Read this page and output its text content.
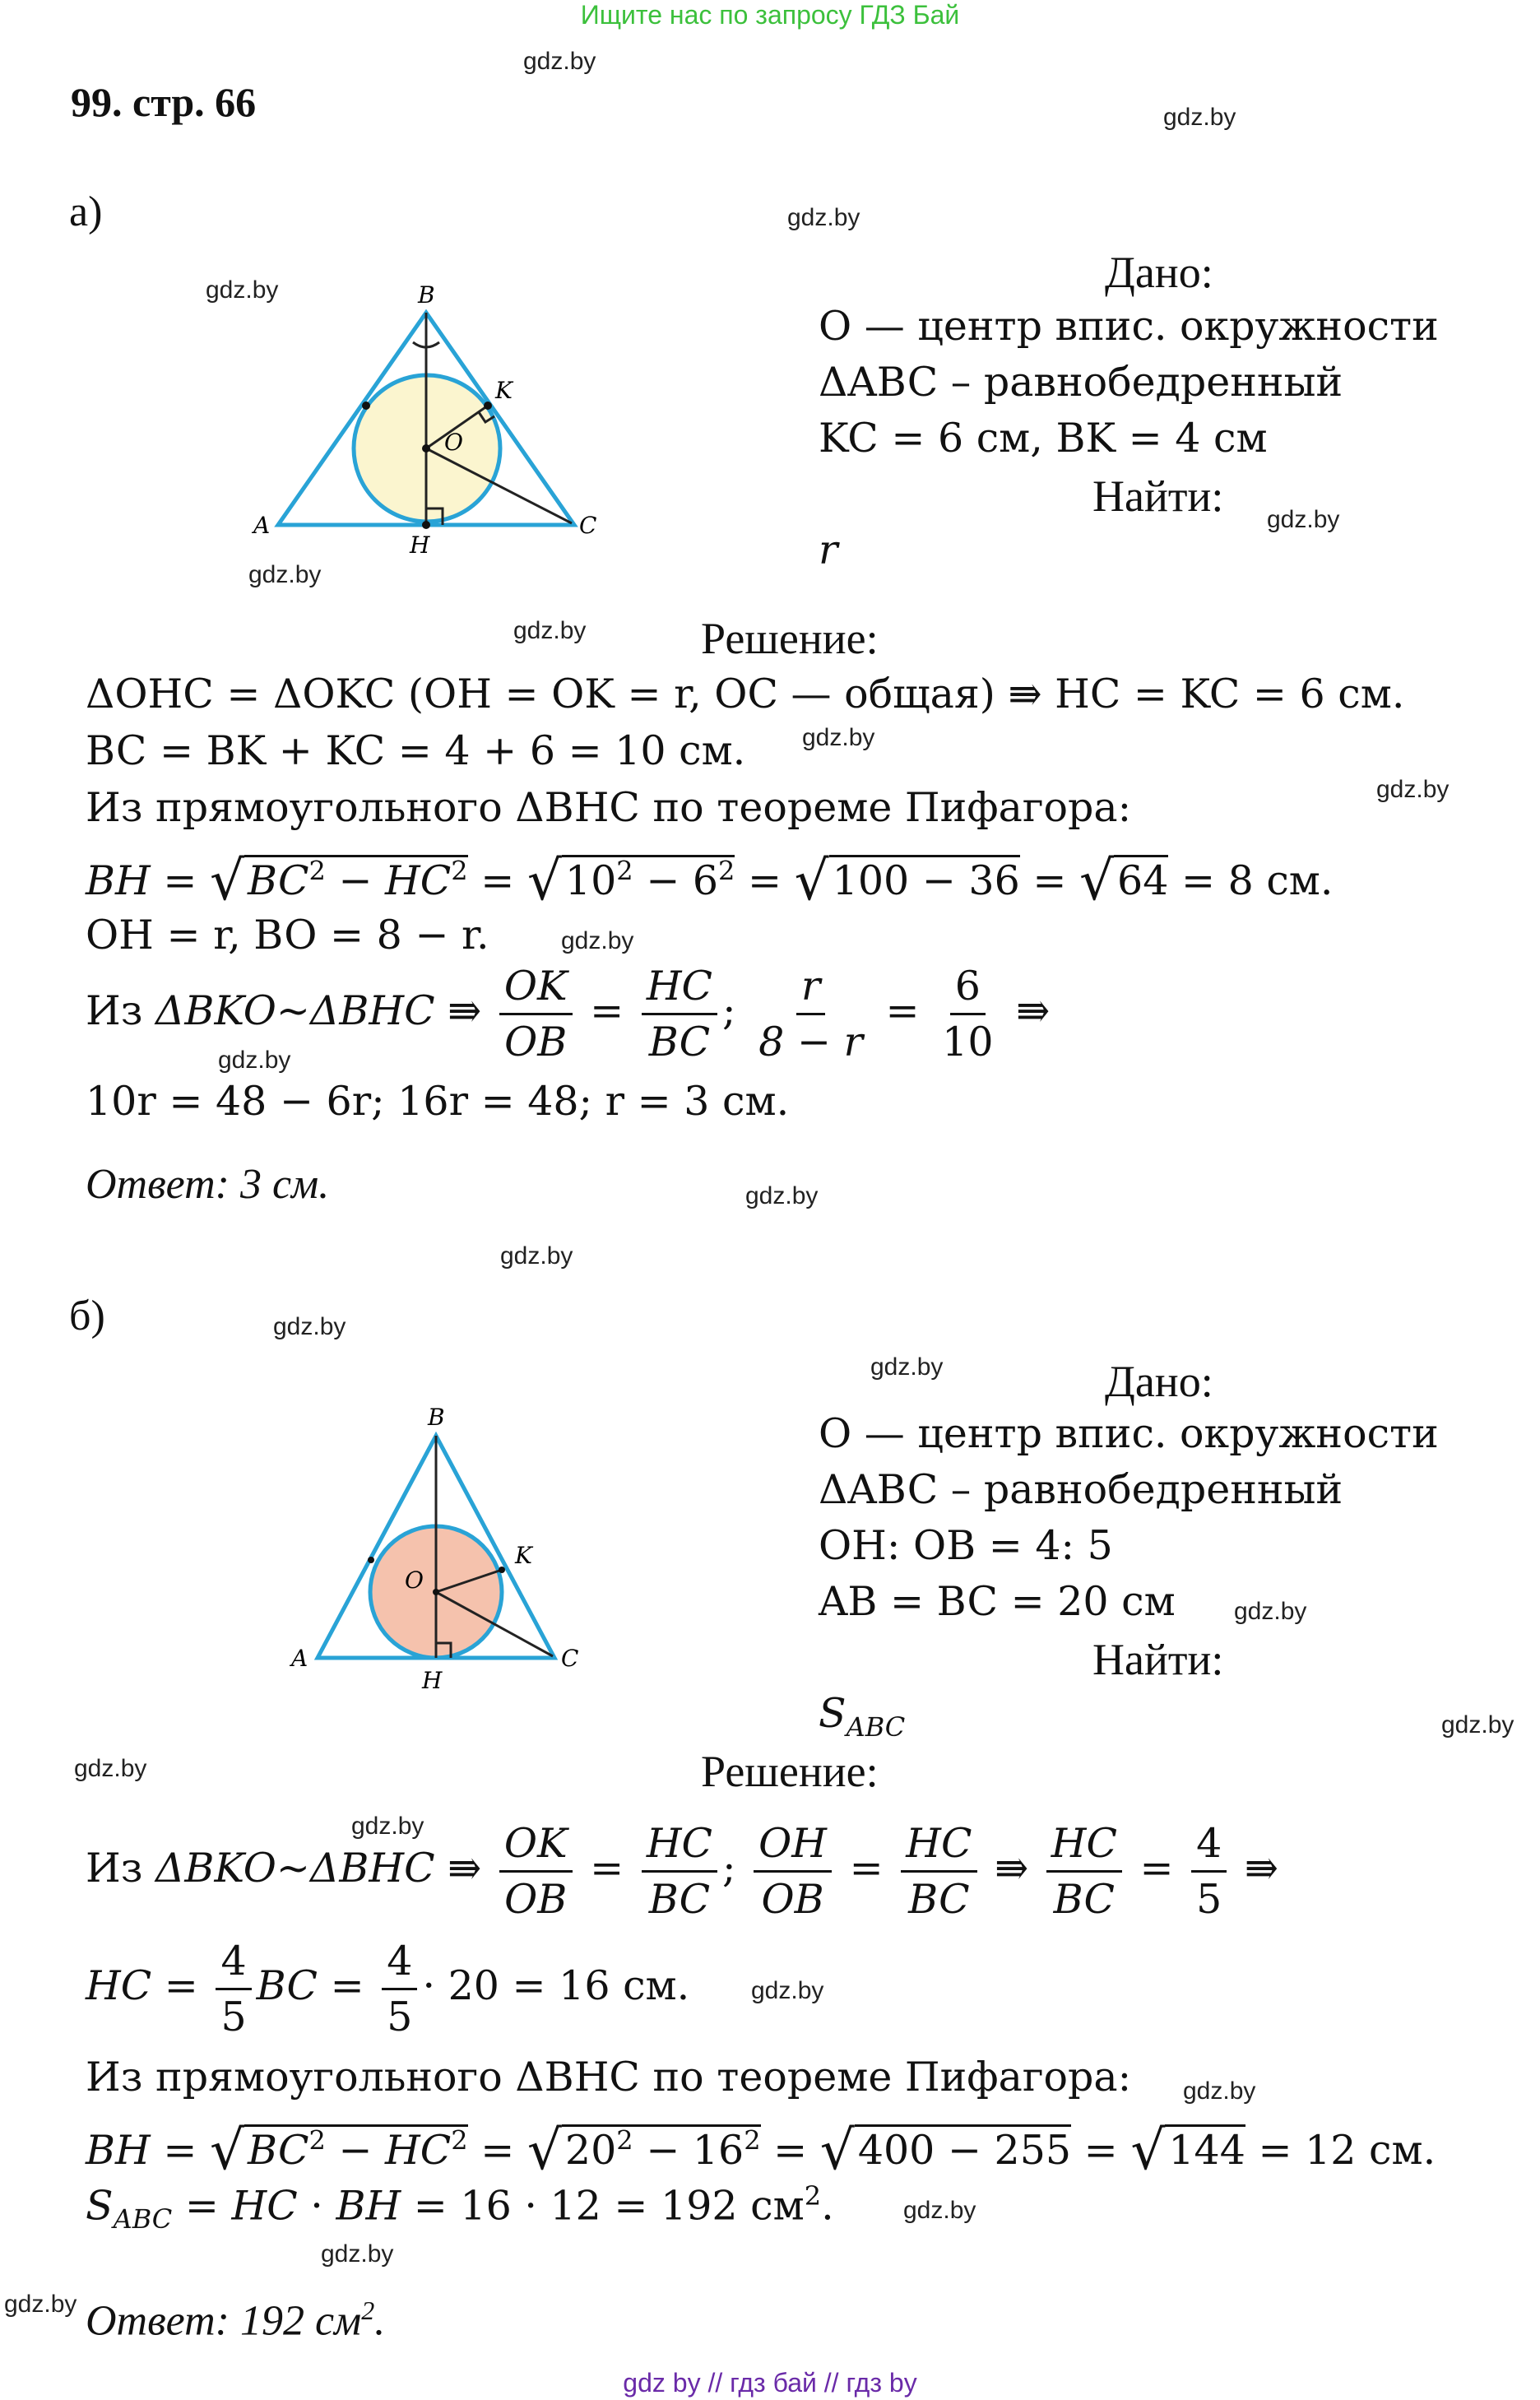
Ищите нас по запросу ГДЗ Бай
gdz.by
gdz.by
gdz.by
gdz.by
gdz.by
gdz.by
gdz.by
gdz.by
gdz.by
gdz.by
gdz.by
gdz.by
gdz.by
gdz.by
gdz.by
gdz.by
gdz.by
gdz.by
gdz.by
gdz.by
gdz.by
gdz.by
gdz.by
gdz.by
99. стр. 66
а)
B
K
O
A
H
C
Дано:
O — центр впис. окружности
ΔABC – равнобедренный
KC = 6 см, BK = 4 см
Найти:
r
Решение:
ΔOHC = ΔOKC (OH = OK = r, OC — общая) ⇛ HC = KC = 6 см.
BC = BK + KC = 4 + 6 = 10 см.
Из прямоугольного ΔBHC по теореме Пифагора:
BH = $√BC^2 - HC^2 = √10^2 - 6^2 = √100 - 36 = √64 = 8$ см.
OH = r, BO = 8 − r.
Из ΔBKO~ΔBHC ⇛ $\frac{OK}{OB} = \frac{HC}{BC}$ ; $\frac{r}{8 - r} = \frac{6}{10}$ ⇛
10r = 48 − 6r; 16r = 48; r = 3 см.
Ответ: 3 см.
б)
B
K
O
A
H
C
Дано:
O — центр впис. окружности
ΔABC – равнобедренный
OH: OB = 4: 5
AB = BC = 20 см
Найти:
$S_{ABC}$
Решение:
Из ΔBKO~ΔBHC ⇛ $\frac{OK}{OB} = \frac{HC}{BC}$ ; $\frac{OH}{OB} = \frac{HC}{BC}$ ⇛ $\frac{HC}{BC} = \frac{4}{5}$ ⇛
HC = $\frac{4}{5}$ BC = $\frac{4}{5} \cdot 20 = 16$ см.
Из прямоугольного ΔBHC по теореме Пифагора:
BH = $√BC^2 - HC^2 = √20^2 - 16^2 = √400 - 255 = √144 = 12$ см.
$S_{ABC}$ = HC · BH = 16 · 12 = 192 $см^2$.
Ответ: 192 $см^2$.
gdz by // гдз бай // гдз by
